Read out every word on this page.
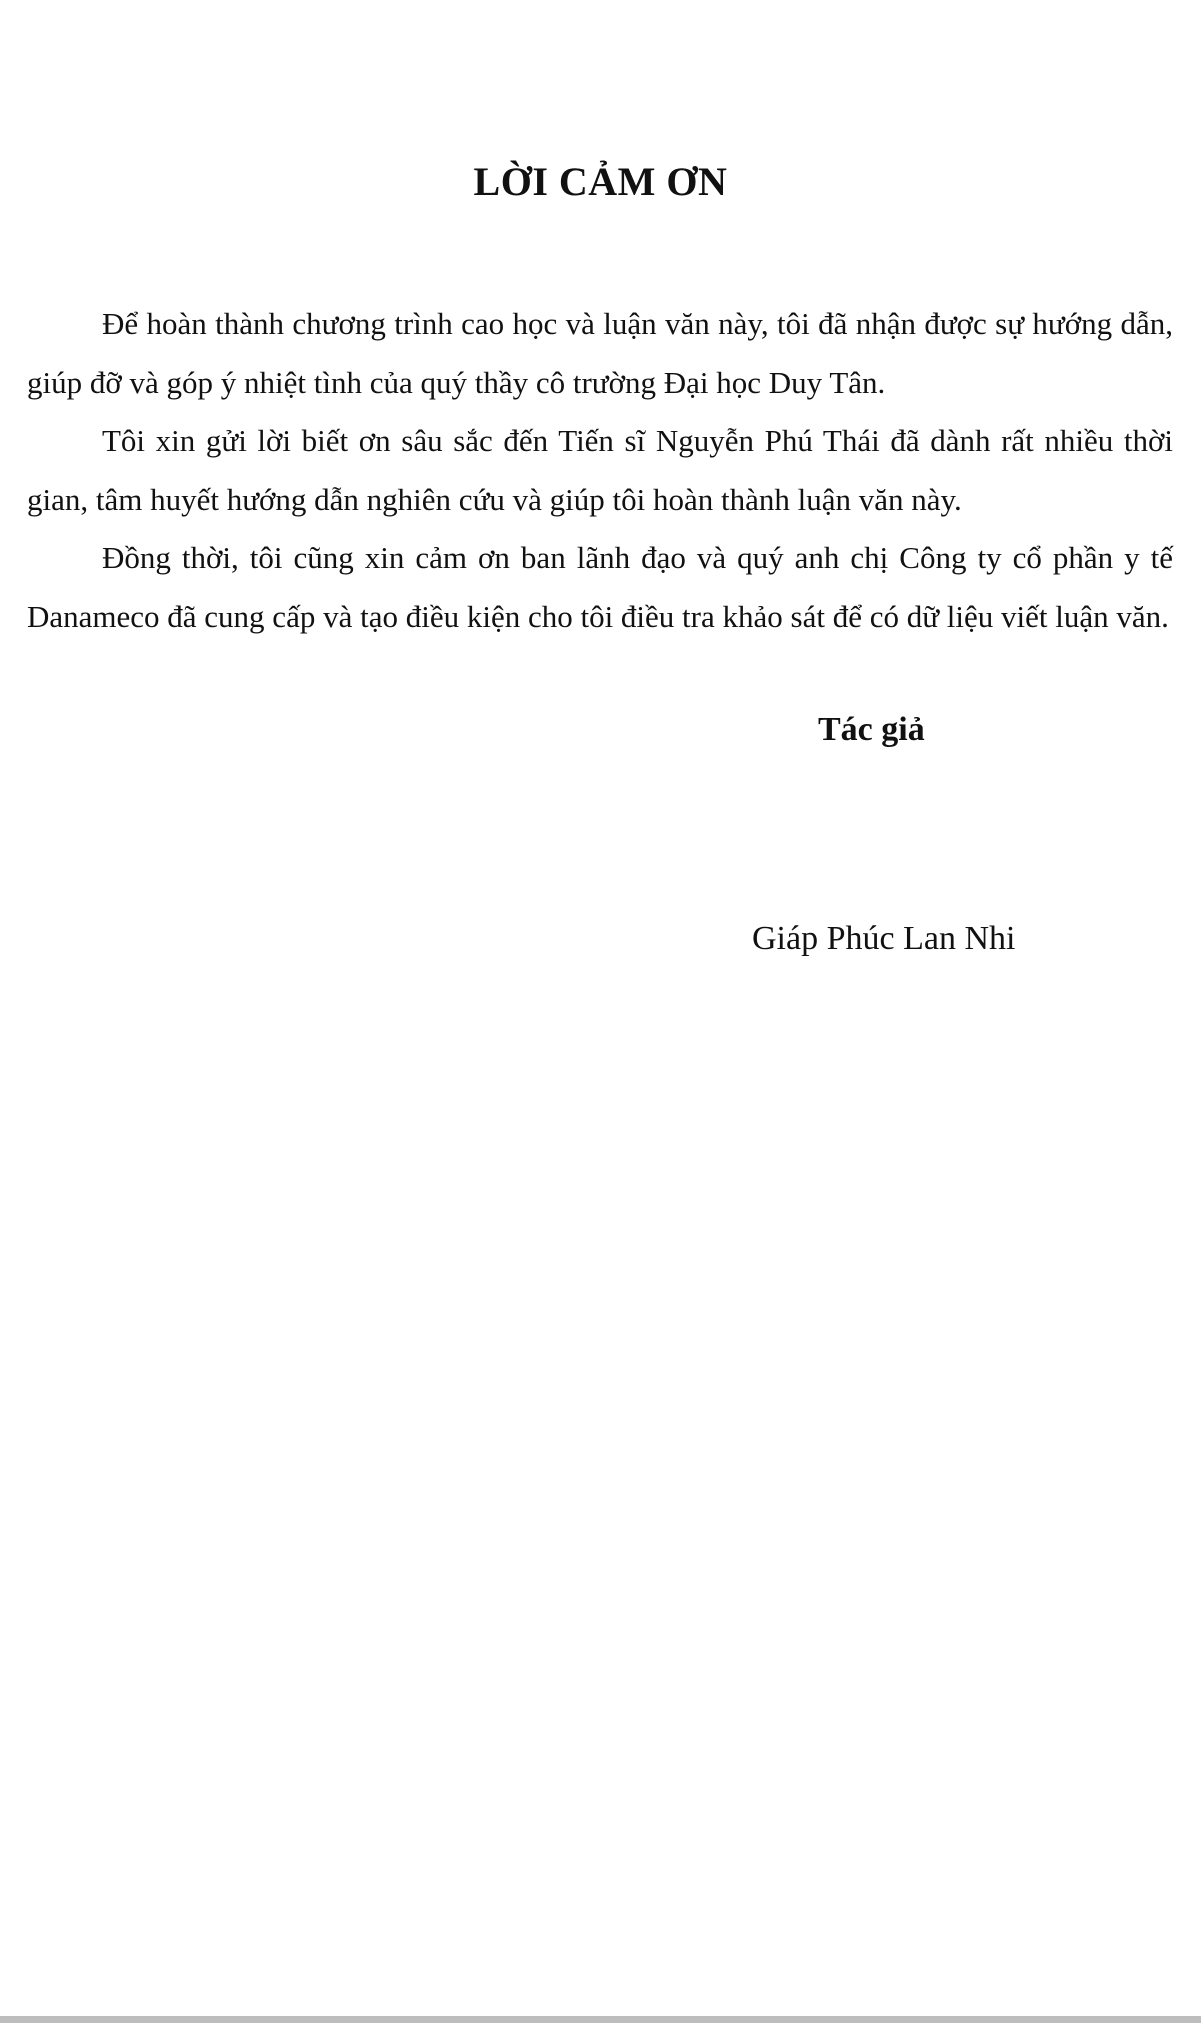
LỜI CẢM ƠN

Để hoàn thành chương trình cao học và luận văn này, tôi đã nhận được sự hướng dẫn, giúp đỡ và góp ý nhiệt tình của quý thầy cô trường Đại học Duy Tân.

Tôi xin gửi lời biết ơn sâu sắc đến Tiến sĩ Nguyễn Phú Thái đã dành rất nhiều thời gian, tâm huyết hướng dẫn nghiên cứu và giúp tôi hoàn thành luận văn này.

Đồng thời, tôi cũng xin cảm ơn ban lãnh đạo và quý anh chị Công ty cổ phần y tế Danameco đã cung cấp và tạo điều kiện cho tôi điều tra khảo sát để có dữ liệu viết luận văn.

Tác giả
Giáp Phúc Lan Nhi
